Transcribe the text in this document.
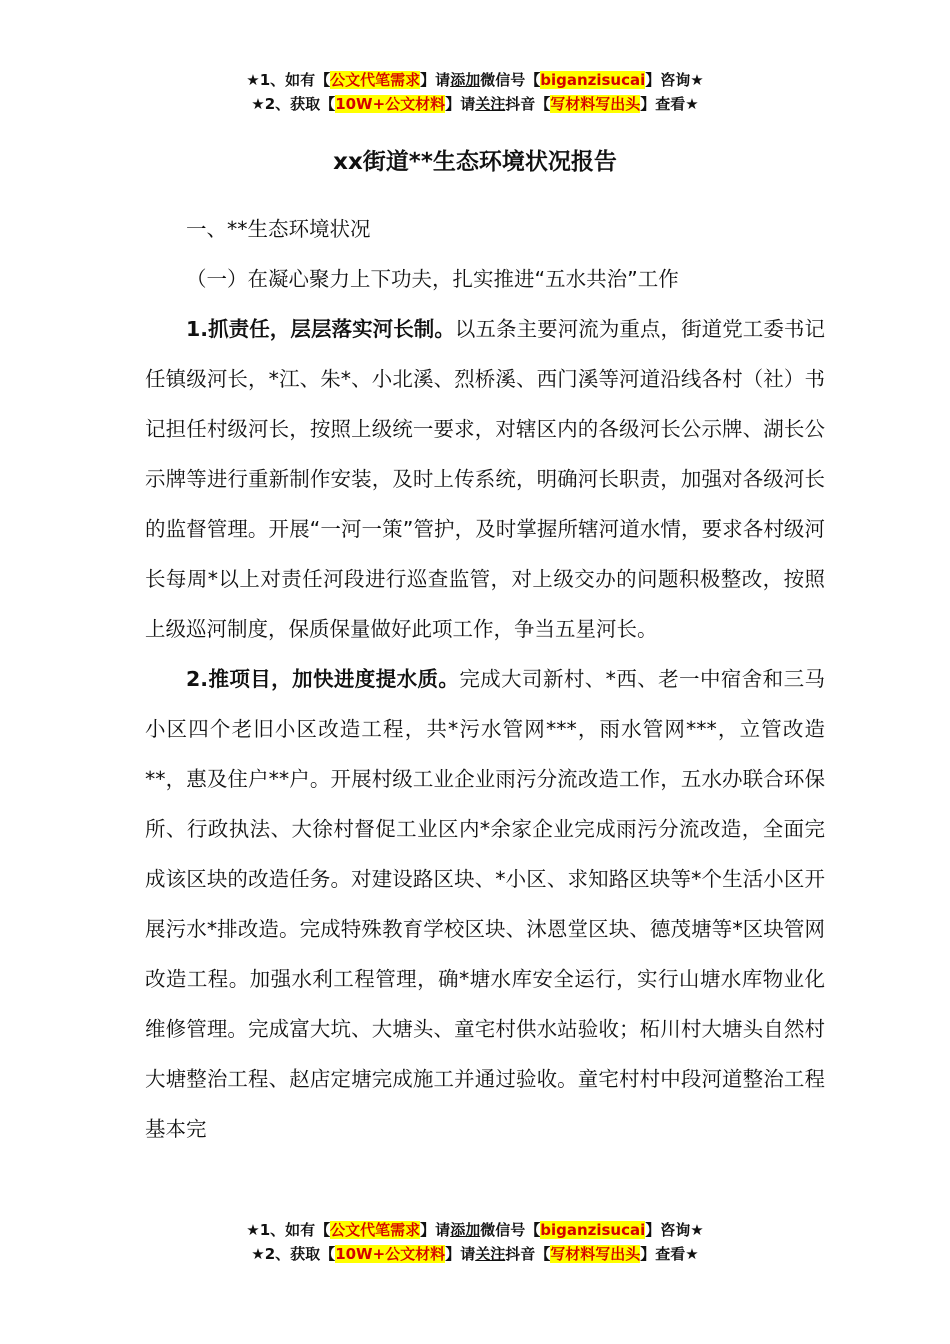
★1、如有【公文代笔需求】请添加微信号【biganzisucai】咨询★
★2、获取【10W+公文材料】请关注抖音【写材料写出头】查看★
xx街道**生态环境状况报告

一、**生态环境状况

（一）在凝心聚力上下功夫，扎实推进“五水共治”工作

1.抓责任，层层落实河长制。以五条主要河流为重点，街道党工委书记任镇级河长，*江、朱*、小北溪、烈桥溪、西门溪等河道沿线各村（社）书记担任村级河长，按照上级统一要求，对辖区内的各级河长公示牌、湖长公示牌等进行重新制作安装，及时上传系统，明确河长职责，加强对各级河长的监督管理。开展“一河一策”管护，及时掌握所辖河道水情，要求各村级河长每周*以上对责任河段进行巡查监管，对上级交办的问题积极整改，按照上级巡河制度，保质保量做好此项工作，争当五星河长。

2.推项目，加快进度提水质。完成大司新村、*西、老一中宿舍和三马小区四个老旧小区改造工程，共*污水管网***，雨水管网***，立管改造**，惠及住户**户。开展村级工业企业雨污分流改造工作，五水办联合环保所、行政执法、大徐村督促工业区内*余家企业完成雨污分流改造，全面完成该区块的改造任务。对建设路区块、*小区、求知路区块等*个生活小区开展污水*排改造。完成特殊教育学校区块、沐恩堂区块、德茂塘等*区块管网改造工程。加强水利工程管理，确*塘水库安全运行，实行山塘水库物业化维修管理。完成富大坑、大塘头、童宅村供水站验收；柘川村大塘头自然村大塘整治工程、赵店定塘完成施工并通过验收。童宅村村中段河道整治工程基本完

★1、如有【公文代笔需求】请添加微信号【biganzisucai】咨询★
★2、获取【10W+公文材料】请关注抖音【写材料写出头】查看★
